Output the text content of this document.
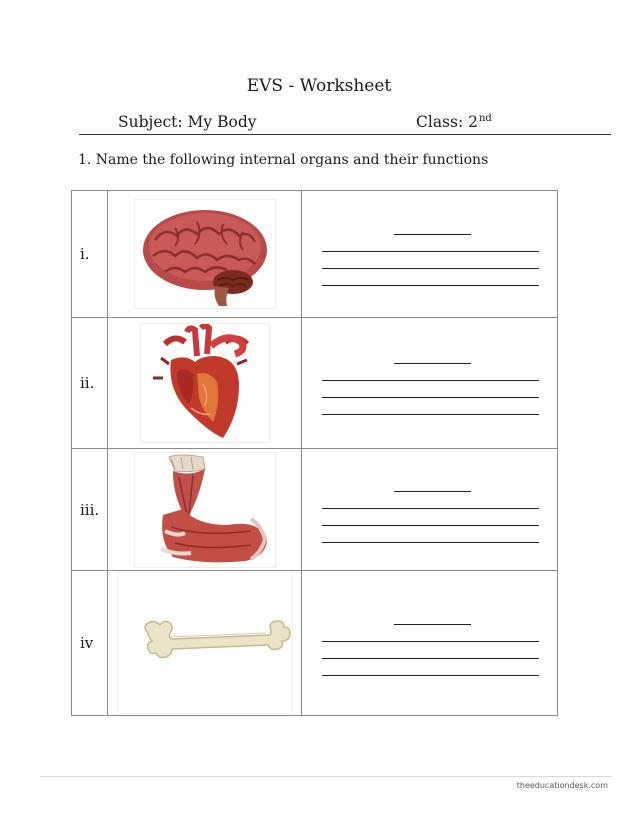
EVS - Worksheet
Subject: My Body	Class: 2nd
1. Name the following internal organs and their functions
i.	

ii.	

iii.	

iv	

theeducationdesk.com
